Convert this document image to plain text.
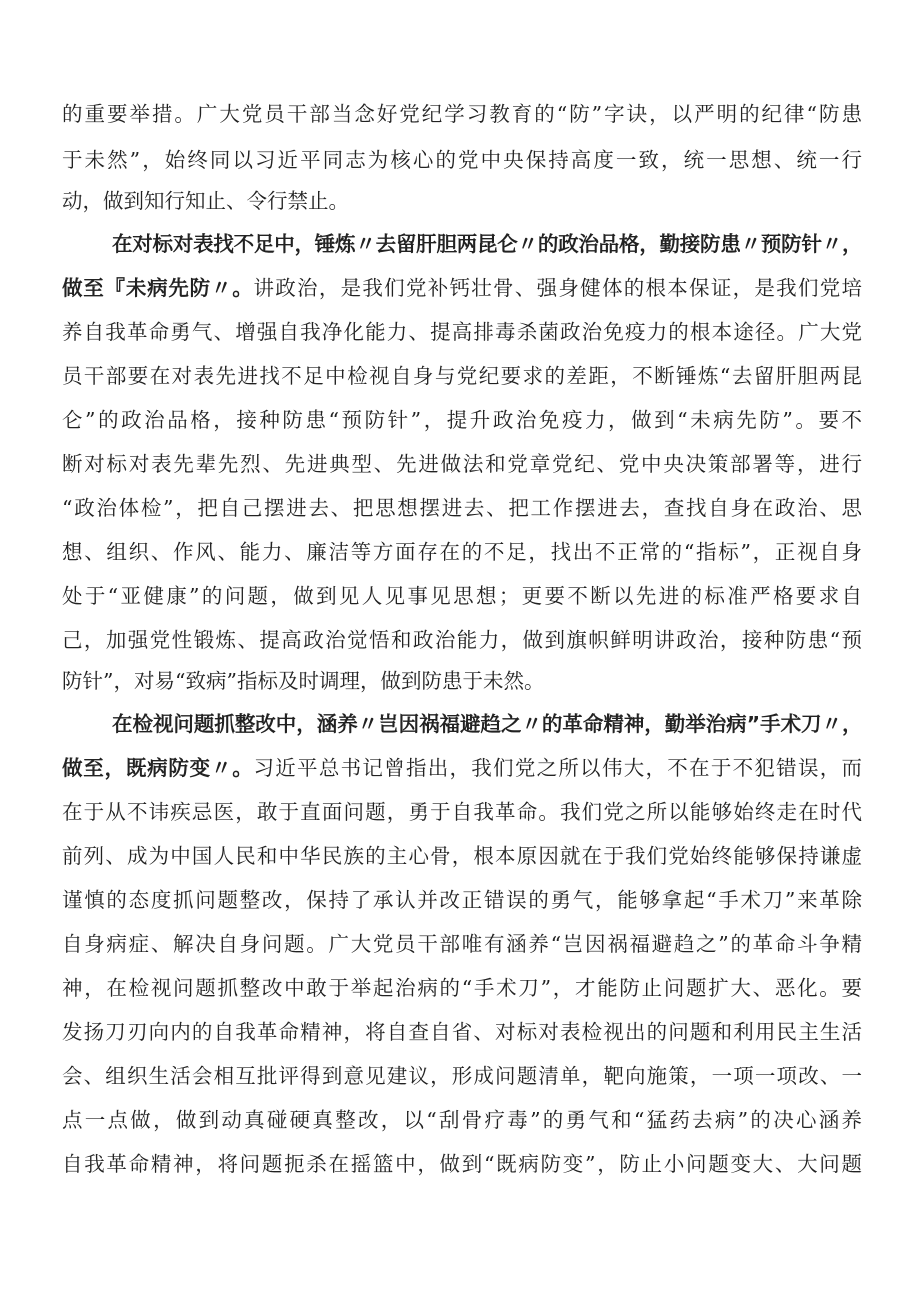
的重要举措。广大党员干部当念好党纪学习教育的“防”字诀，以严明的纪律“防患
于未然”，始终同以习近平同志为核心的党中央保持高度一致，统一思想、统一行
动，做到知行知止、令行禁止。
在对标对表找不足中，锤炼〃去留肝胆两昆仑〃的政治品格，勤接防患〃预防针〃，
做至『未病先防〃。讲政治，是我们党补钙壮骨、强身健体的根本保证，是我们党培
养自我革命勇气、增强自我净化能力、提高排毒杀菌政治免疫力的根本途径。广大党
员干部要在对表先进找不足中检视自身与党纪要求的差距，不断锤炼“去留肝胆两昆
仑”的政治品格，接种防患“预防针”，提升政治免疫力，做到“未病先防”。要不
断对标对表先辈先烈、先进典型、先进做法和党章党纪、党中央决策部署等，进行
“政治体检”，把自己摆进去、把思想摆进去、把工作摆进去，查找自身在政治、思
想、组织、作风、能力、廉洁等方面存在的不足，找出不正常的“指标”，正视自身
处于“亚健康”的问题，做到见人见事见思想；更要不断以先进的标准严格要求自
己，加强党性锻炼、提高政治觉悟和政治能力，做到旗帜鲜明讲政治，接种防患“预
防针”，对易“致病”指标及时调理，做到防患于未然。
在检视问题抓整改中，涵养〃岂因祸福避趋之〃的革命精神，勤举治病”手术刀〃，
做至，既病防变〃。习近平总书记曾指出，我们党之所以伟大，不在于不犯错误，而
在于从不讳疾忌医，敢于直面问题，勇于自我革命。我们党之所以能够始终走在时代
前列、成为中国人民和中华民族的主心骨，根本原因就在于我们党始终能够保持谦虚
谨慎的态度抓问题整改，保持了承认并改正错误的勇气，能够拿起“手术刀”来革除
自身病症、解决自身问题。广大党员干部唯有涵养“岂因祸福避趋之”的革命斗争精
神，在检视问题抓整改中敢于举起治病的“手术刀”，才能防止问题扩大、恶化。要
发扬刀刃向内的自我革命精神，将自查自省、对标对表检视出的问题和利用民主生活
会、组织生活会相互批评得到意见建议，形成问题清单，靶向施策，一项一项改、一
点一点做，做到动真碰硬真整改，以“刮骨疗毒”的勇气和“猛药去病”的决心涵养
自我革命精神，将问题扼杀在摇篮中，做到“既病防变”，防止小问题变大、大问题
